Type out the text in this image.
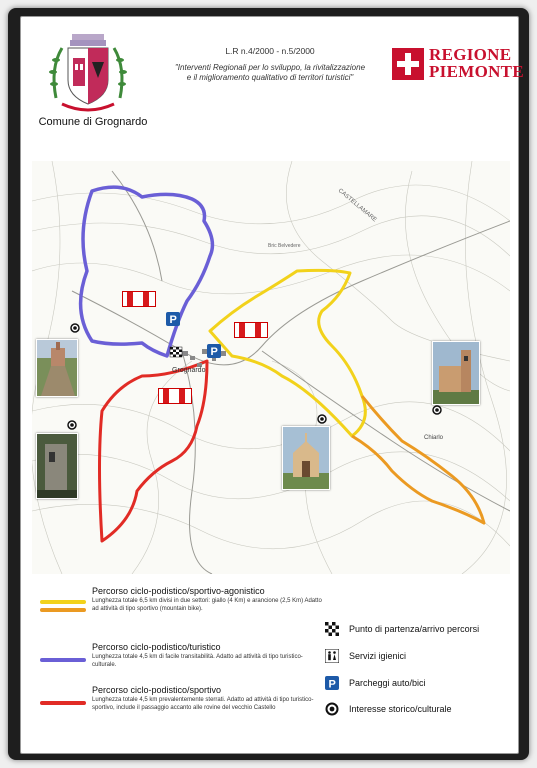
Comune di Grognardo
L.R n.4/2000 - n.5/2000
"Interventi Regionali per lo sviluppo, la rivitalizzazione
e il miglioramento qualitativo di territori turistici"
REGIONE
PIEMONTE
Grognardo
Chiarlo
CASTELLAMARE
Bric Belvedere
P
P
Percorso ciclo-podistico/sportivo-agonistico
Lunghezza totale 6,5 km divisi in due settori: giallo (4 Km) e arancione (2,5 Km) Adatto ad attività di tipo sportivo (mountain bike).
Percorso ciclo-podistico/turistico
Lunghezza totale 4,5 km di facile transitabilità. Adatto ad attività di tipo turistico-culturale.
Percorso ciclo-podistico/sportivo
Lunghezza totale 4,5 km prevalentemente sterrati. Adatto ad attività di tipo turistico-sportivo, include il passaggio accanto alle rovine del vecchio Castello
Punto di partenza/arrivo percorsi
Servizi igienici
P Parcheggi auto/bici
Interesse storico/culturale
